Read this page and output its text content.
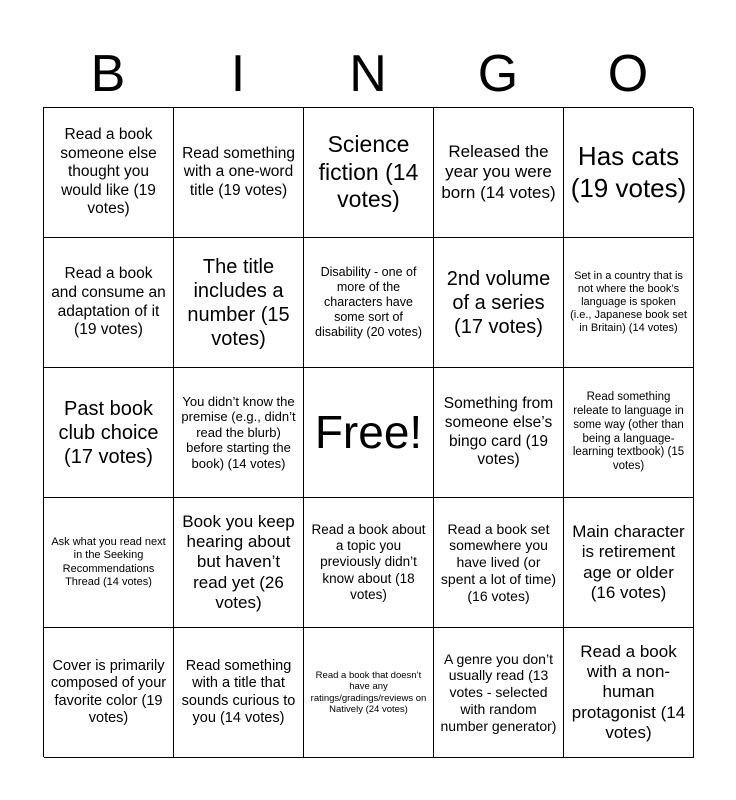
B	I	N	G	O
Read a book someone else thought you would like (19 votes)
Read something with a one-word title (19 votes)
Science fiction (14 votes)
Released the year you were born (14 votes)
Has cats (19 votes)
Read a book and consume an adaptation of it (19 votes)
The title includes a number (15 votes)
Disability - one of more of the characters have some sort of disability (20 votes)
2nd volume of a series (17 votes)
Set in a country that is not where the book’s language is spoken (i.e., Japanese book set in Britain) (14 votes)
Past book club choice (17 votes)
You didn’t know the premise (e.g., didn’t read the blurb) before starting the book) (14 votes)
Free!
Something from someone else’s bingo card (19 votes)
Read something releate to language in some way (other than being a language-learning textbook) (15 votes)
Ask what you read next in the Seeking Recommendations Thread (14 votes)
Book you keep hearing about but haven’t read yet (26 votes)
Read a book about a topic you previously didn’t know about (18 votes)
Read a book set somewhere you have lived (or spent a lot of time) (16 votes)
Main character is retirement age or older (16 votes)
Cover is primarily composed of your favorite color (19 votes)
Read something with a title that sounds curious to you (14 votes)
Read a book that doesn’t have any ratings/gradings/reviews on Natively (24 votes)
A genre you don’t usually read (13 votes - selected with random number generator)
Read a book with a non-human protagonist (14 votes)
